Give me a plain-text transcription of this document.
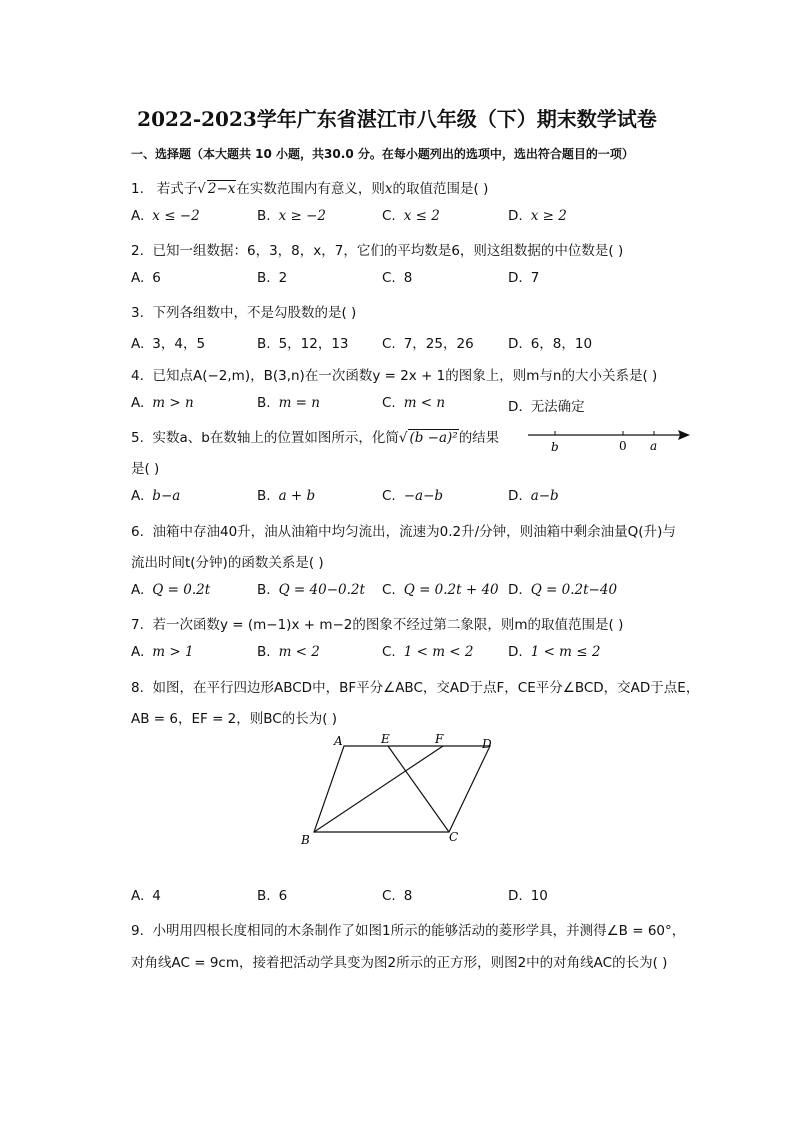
2022-2023学年广东省湛江市八年级（下）期末数学试卷
一、选择题（本大题共 10 小题，共30.0 分。在每小题列出的选项中，选出符合题目的一项）
1. 若式子√ 2−x在实数范围内有意义，则x的取值范围是( )
A. x ≤ −2	B. x ≥ −2	C. x ≤ 2	D. x ≥ 2
2. 已知一组数据：6，3，8，x，7，它们的平均数是6，则这组数据的中位数是( )
A. 6	B. 2	C. 8	D. 7
3. 下列各组数中，不是勾股数的是( )
A. 3，4，5	B. 5，12，13 C. 7，25，26	D. 6，8，10
4. 已知点A(−2,m)，B(3,n)在一次函数y = 2x + 1的图象上，则m与n的大小关系是( )
A. m > n	B. m = n	C. m < n	D. 无法确定
5. 实数a、b在数轴上的位置如图所示，化简√ (b −a)²的结果
b	0 a
是( )
A. b−a	B. a + b	C. −a−b	D. a−b
6. 油箱中存油40升，油从油箱中均匀流出，流速为0.2升/分钟，则油箱中剩余油量Q(升)与
流出时间t(分钟)的函数关系是( )
A. Q = 0.2t	B. Q = 40−0.2t C. Q = 0.2t + 40 D. Q = 0.2t−40
7. 若一次函数y = (m−1)x + m−2的图象不经过第二象限，则m的取值范围是( )
A. m > 1	B. m < 2	C. 1 < m < 2	D. 1 < m ≤ 2
8. 如图，在平行四边形ABCD中，BF平分∠ABC，交AD于点F，CE平分∠BCD，交AD于点E，
AB = 6，EF = 2，则BC的长为( )
A	E	F	D
B	C
A. 4	B. 6	C. 8	D. 10
9. 小明用四根长度相同的木条制作了如图1所示的能够活动的菱形学具，并测得∠B = 60°，
对角线AC = 9cm，接着把活动学具变为图2所示的正方形，则图2中的对角线AC的长为( )
